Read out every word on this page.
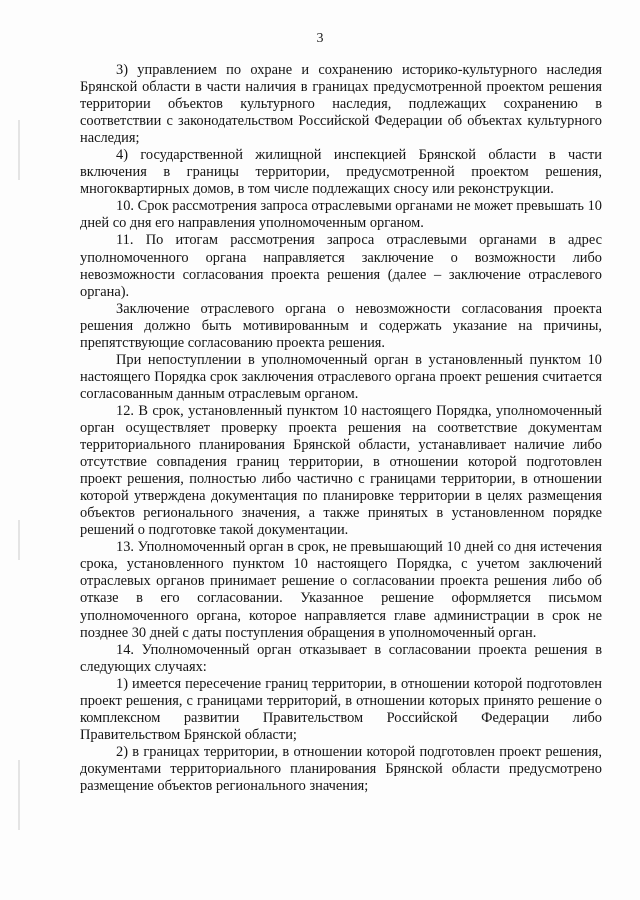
3

3) управлением по охране и сохранению историко-культурного наследия Брянской области в части наличия в границах предусмотренной проектом решения территории объектов культурного наследия, подлежащих сохранению в соответствии с законодательством Российской Федерации об объектах культурного наследия;

4) государственной жилищной инспекцией Брянской области в части включения в границы территории, предусмотренной проектом решения, многоквартирных домов, в том числе подлежащих сносу или реконструкции.

10. Срок рассмотрения запроса отраслевыми органами не может превышать 10 дней со дня его направления уполномоченным органом.

11. По итогам рассмотрения запроса отраслевыми органами в адрес уполномоченного органа направляется заключение о возможности либо невозможности согласования проекта решения (далее – заключение отраслевого органа).

Заключение отраслевого органа о невозможности согласования проекта решения должно быть мотивированным и содержать указание на причины, препятствующие согласованию проекта решения.

При непоступлении в уполномоченный орган в установленный пунктом 10 настоящего Порядка срок заключения отраслевого органа проект решения считается согласованным данным отраслевым органом.

12. В срок, установленный пунктом 10 настоящего Порядка, уполномоченный орган осуществляет проверку проекта решения на соответствие документам территориального планирования Брянской области, устанавливает наличие либо отсутствие совпадения границ территории, в отношении которой подготовлен проект решения, полностью либо частично с границами территории, в отношении которой утверждена документация по планировке территории в целях размещения объектов регионального значения, а также принятых в установленном порядке решений о подготовке такой документации.

13. Уполномоченный орган в срок, не превышающий 10 дней со дня истечения срока, установленного пунктом 10 настоящего Порядка, с учетом заключений отраслевых органов принимает решение о согласовании проекта решения либо об отказе в его согласовании. Указанное решение оформляется письмом уполномоченного органа, которое направляется главе администрации в срок не позднее 30 дней с даты поступления обращения в уполномоченный орган.

14. Уполномоченный орган отказывает в согласовании проекта решения в следующих случаях:

1) имеется пересечение границ территории, в отношении которой подготовлен проект решения, с границами территорий, в отношении которых принято решение о комплексном развитии Правительством Российской Федерации либо Правительством Брянской области;

2) в границах территории, в отношении которой подготовлен проект решения, документами территориального планирования Брянской области предусмотрено размещение объектов регионального значения;
